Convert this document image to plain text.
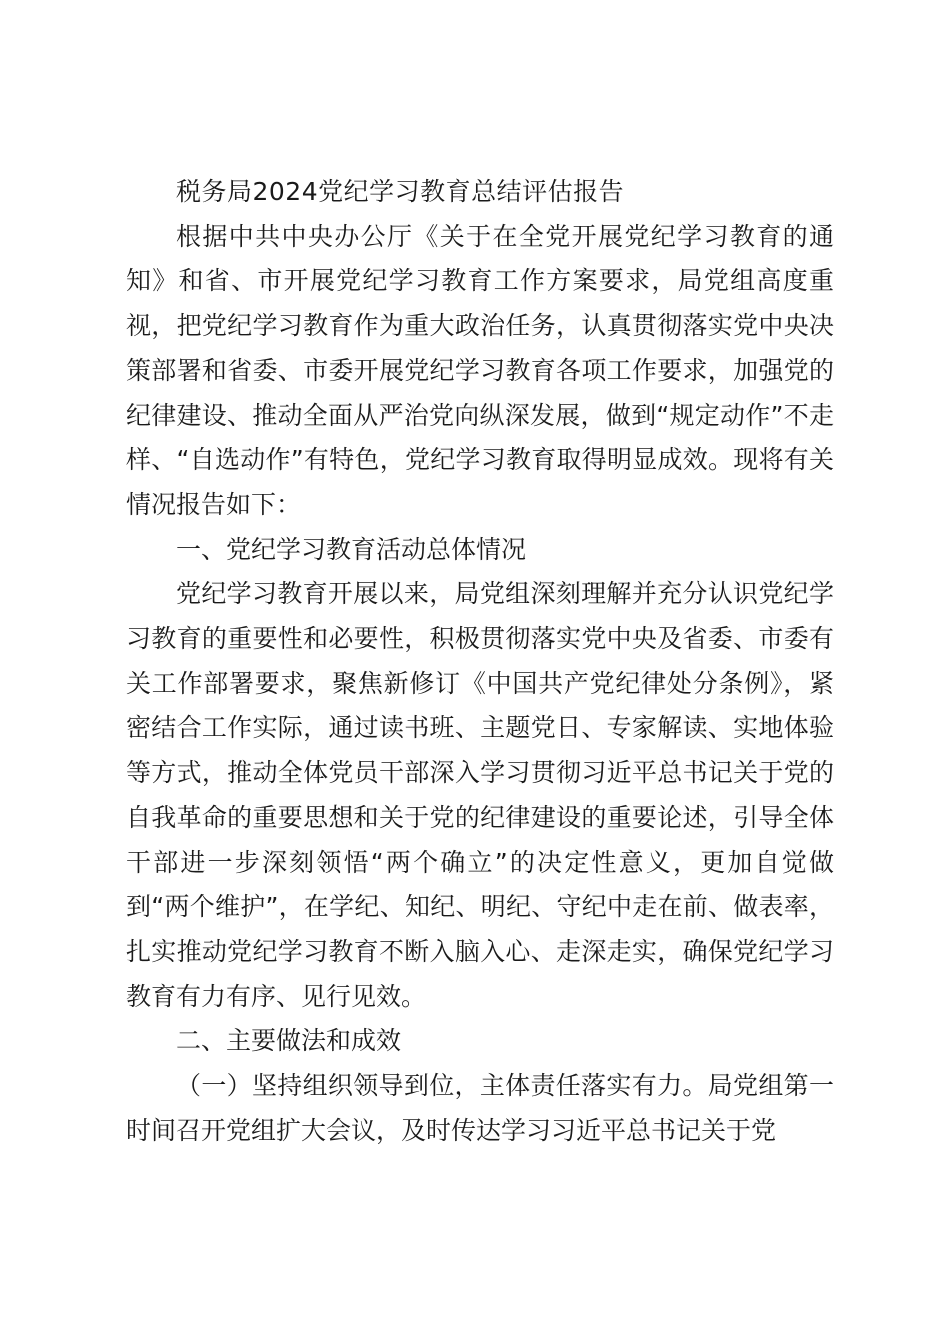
税务局2024党纪学习教育总结评估报告

根据中共中央办公厅《关于在全党开展党纪学习教育的通知》和省、市开展党纪学习教育工作方案要求，局党组高度重视，把党纪学习教育作为重大政治任务，认真贯彻落实党中央决策部署和省委、市委开展党纪学习教育各项工作要求，加强党的纪律建设、推动全面从严治党向纵深发展，做到“规定动作”不走样、“自选动作”有特色，党纪学习教育取得明显成效。现将有关情况报告如下：

一、党纪学习教育活动总体情况

党纪学习教育开展以来，局党组深刻理解并充分认识党纪学习教育的重要性和必要性，积极贯彻落实党中央及省委、市委有关工作部署要求，聚焦新修订《中国共产党纪律处分条例》，紧密结合工作实际，通过读书班、主题党日、专家解读、实地体验等方式，推动全体党员干部深入学习贯彻习近平总书记关于党的自我革命的重要思想和关于党的纪律建设的重要论述，引导全体干部进一步深刻领悟“两个确立”的决定性意义，更加自觉做到“两个维护”，在学纪、知纪、明纪、守纪中走在前、做表率，扎实推动党纪学习教育不断入脑入心、走深走实，确保党纪学习教育有力有序、见行见效。

二、主要做法和成效

（一）坚持组织领导到位，主体责任落实有力。局党组第一时间召开党组扩大会议，及时传达学习习近平总书记关于党
